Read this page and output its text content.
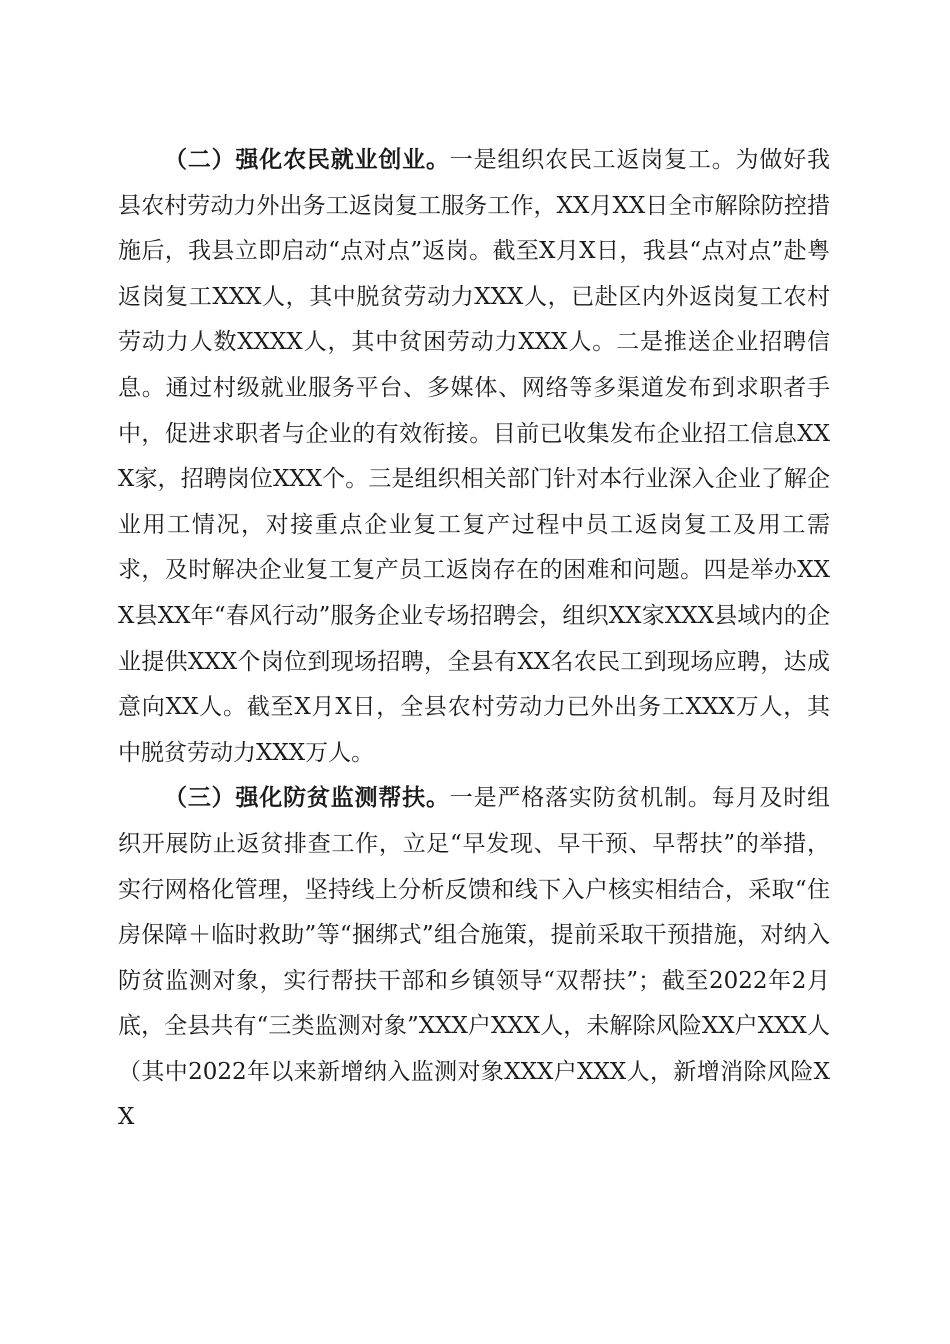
（二）强化农民就业创业。一是组织农民工返岗复工。为做好我县农村劳动力外出务工返岗复工服务工作，XX月XX日全市解除防控措施后，我县立即启动“点对点”返岗。截至X月X日，我县“点对点”赴粤返岗复工XXX人，其中脱贫劳动力XXX人，已赴区内外返岗复工农村劳动力人数XXXX人，其中贫困劳动力XXX人。二是推送企业招聘信息。通过村级就业服务平台、多媒体、网络等多渠道发布到求职者手中，促进求职者与企业的有效衔接。目前已收集发布企业招工信息XXX家，招聘岗位XXX个。三是组织相关部门针对本行业深入企业了解企业用工情况，对接重点企业复工复产过程中员工返岗复工及用工需求，及时解决企业复工复产员工返岗存在的困难和问题。四是举办XXX县XX年“春风行动”服务企业专场招聘会，组织XX家XXX县域内的企业提供XXX个岗位到现场招聘，全县有XX名农民工到现场应聘，达成意向XX人。截至X月X日，全县农村劳动力已外出务工XXX万人，其中脱贫劳动力XXX万人。

（三）强化防贫监测帮扶。一是严格落实防贫机制。每月及时组织开展防止返贫排查工作，立足“早发现、早干预、早帮扶”的举措，实行网格化管理，坚持线上分析反馈和线下入户核实相结合，采取“住房保障＋临时救助”等“捆绑式”组合施策，提前采取干预措施，对纳入防贫监测对象，实行帮扶干部和乡镇领导“双帮扶”；截至2022年2月底，全县共有“三类监测对象”XXX户XXX人，未解除风险XX户XXX人（其中2022年以来新增纳入监测对象XXX户XXX人，新增消除风险XX
